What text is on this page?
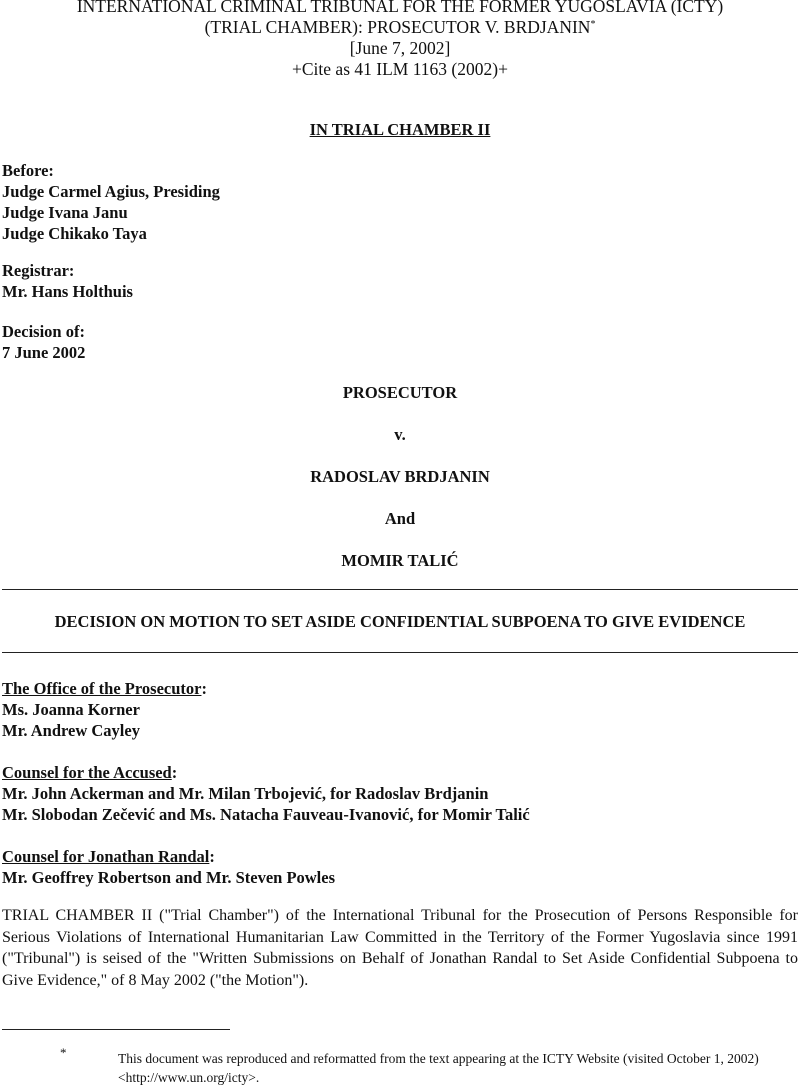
INTERNATIONAL CRIMINAL TRIBUNAL FOR THE FORMER YUGOSLAVIA (ICTY)
(TRIAL CHAMBER): PROSECUTOR V. BRDJANIN*
[June 7, 2002]
+Cite as 41 ILM 1163 (2002)+
IN TRIAL CHAMBER II
Before:
Judge Carmel Agius, Presiding
Judge Ivana Janu
Judge Chikako Taya
Registrar:
Mr. Hans Holthuis
Decision of:
7 June 2002
PROSECUTOR
v.
RADOSLAV BRDJANIN
And
MOMIR TALIĆ
DECISION ON MOTION TO SET ASIDE CONFIDENTIAL SUBPOENA TO GIVE EVIDENCE
The Office of the Prosecutor:
Ms. Joanna Korner
Mr. Andrew Cayley
Counsel for the Accused:
Mr. John Ackerman and Mr. Milan Trbojević, for Radoslav Brdjanin
Mr. Slobodan Zečević and Ms. Natacha Fauveau-Ivanović, for Momir Talić
Counsel for Jonathan Randal:
Mr. Geoffrey Robertson and Mr. Steven Powles
TRIAL CHAMBER II ("Trial Chamber") of the International Tribunal for the Prosecution of Persons Responsible for Serious Violations of International Humanitarian Law Committed in the Territory of the Former Yugoslavia since 1991 ("Tribunal") is seised of the "Written Submissions on Behalf of Jonathan Randal to Set Aside Confidential Subpoena to Give Evidence," of 8 May 2002 ("the Motion").
*	This document was reproduced and reformatted from the text appearing at the ICTY Website (visited October 1, 2002)
<http://www.un.org/icty>.
